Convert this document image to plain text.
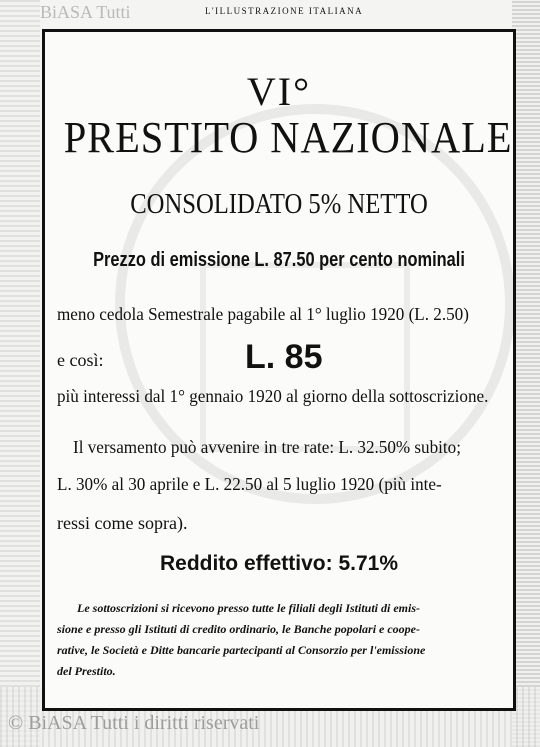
BiASA Tutti	L'ILLUSTRAZIONE ITALIANA
VI°
PRESTITO NAZIONALE
CONSOLIDATO 5% NETTO
Prezzo di emissione L. 87.50 per cento nominali
meno cedola Semestrale pagabile al 1° luglio 1920 (L. 2.50)
e così:	L. 85
più interessi dal 1° gennaio 1920 al giorno della sottoscrizione.
Il versamento può avvenire in tre rate: L. 32.50% subito;
L. 30% al 30 aprile e L. 22.50 al 5 luglio 1920 (più inte-
ressi come sopra).
Reddito effettivo: 5.71%
Le sottoscrizioni si ricevono presso tutte le filiali degli Istituti di emis-
sione e presso gli Istituti di credito ordinario, le Banche popolari e coope-
rative, le Società e Ditte bancarie partecipanti al Consorzio per l'emissione
del Prestito.
© BiASA Tutti i diritti riservati
